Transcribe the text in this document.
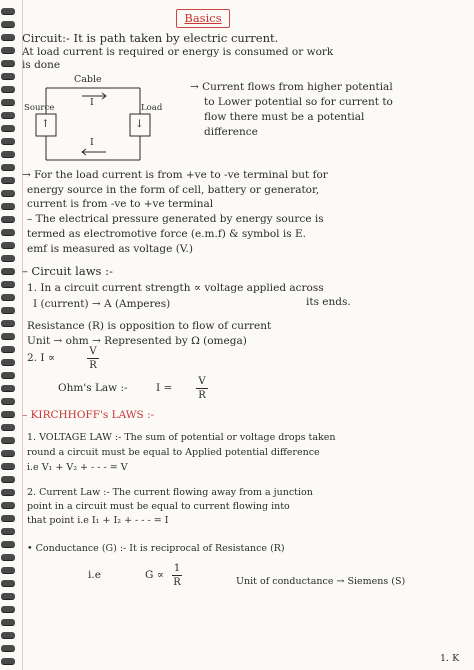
Basics
Circuit:- It is path taken by electric current.
At load current is required or energy is consumed or work
is done
Cable
I
I
Source	Load
↑	↓
→ Current flows from higher potential
to Lower potential so for current to
flow there must be a potential
difference
→ For the load current is from +ve to -ve terminal but for
energy source in the form of cell, battery or generator,
current is from -ve to +ve terminal
– The electrical pressure generated by energy source is
termed as electromotive force (e.m.f) & symbol is E.
emf is measured as voltage (V.)
– Circuit laws :-
1. In a circuit current strength ∝ voltage applied across
its ends.
I (current) → A (Amperes)
Resistance (R) is opposition to flow of current
Unit → ohm → Represented by Ω (omega)
2. I ∝
V
R
Ohm's Law :-	I =
V
R
– KIRCHHOFF's LAWS :-
1. VOLTAGE LAW :- The sum of potential or voltage drops taken
round a circuit must be equal to Applied potential difference
i.e V₁ + V₂ + - - - = V
2. Current Law :- The current flowing away from a junction
point in a circuit must be equal to current flowing into
that point i.e I₁ + I₂ + - - - = I
• Conductance (G) :- It is reciprocal of Resistance (R)
i.e	G ∝
1
R	Unit of conductance → Siemens (S)
1. K
